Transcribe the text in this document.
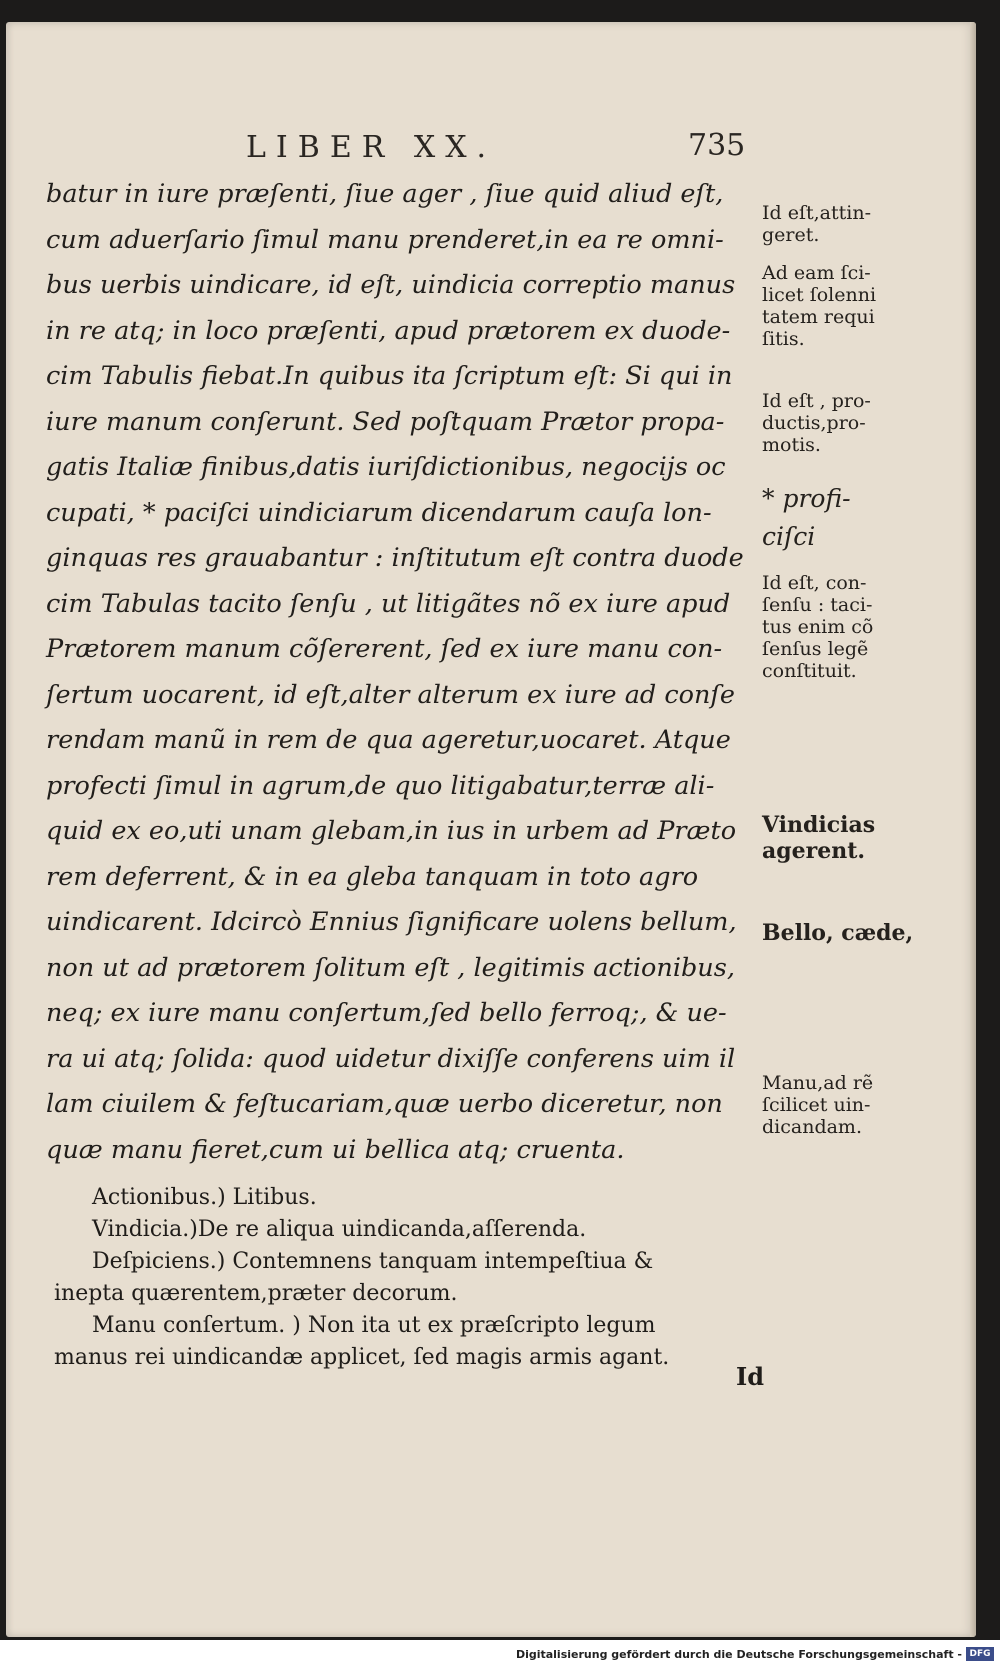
LIBER XX.	735
batur in iure præſenti, ſiue ager , ſiue quid aliud eſt,
cum aduerſario ſimul manu prenderet,in ea re omni-
bus uerbis uindicare, id eſt, uindicia correptio manus
in re atq; in loco præſenti, apud prætorem ex duode-
cim Tabulis fiebat.In quibus ita ſcriptum eſt: Si qui in
iure manum conſerunt. Sed poſtquam Prætor propa-
gatis Italiæ finibus,datis iuriſdictionibus, negocijs oc
cupati, * paciſci uindiciarum dicendarum cauſa lon-
ginquas res grauabantur : inſtitutum eſt contra duode
cim Tabulas tacito ſenſu , ut litigãtes nõ ex iure apud
Prætorem manum cõſererent, ſed ex iure manu con-
ſertum uocarent, id eſt,alter alterum ex iure ad conſe
rendam manũ in rem de qua ageretur,uocaret. Atque
profecti ſimul in agrum,de quo litigabatur,terræ ali-
quid ex eo,uti unam glebam,in ius in urbem ad Præto
rem deferrent, & in ea gleba tanquam in toto agro
uindicarent. Idcircò Ennius ſignificare uolens bellum,
non ut ad prætorem ſolitum eſt , legitimis actionibus,
neq; ex iure manu conſertum,ſed bello ferroq;, & ue-
ra ui atq; ſolida: quod uidetur dixiſſe conferens uim il
lam ciuilem & feſtucariam,quæ uerbo diceretur, non
quæ manu fieret,cum ui bellica atq; cruenta.
Id eſt,attin-
geret.
Ad eam ſci-
licet ſolenni
tatem requi
ſitis.
Id eſt , pro-
ductis,pro-
motis.
* profi-
ciſci
Id eſt, con-
ſenſu : taci-
tus enim cõ
ſenſus legẽ
conſtituit.
Vindicias
agerent.
Bello, cæde,
Manu,ad rẽ
ſcilicet uin-
dicandam.
Actionibus.) Litibus.
Vindicia.)De re aliqua uindicanda,aſſerenda.
Deſpiciens.) Contemnens tanquam intempeſtiua &
inepta quærentem,præter decorum.
Manu conſertum. ) Non ita ut ex præſcripto legum
manus rei uindicandæ applicet, ſed magis armis agant.
Id
Digitalisierung gefördert durch die Deutsche Forschungsgemeinschaft - DFG
